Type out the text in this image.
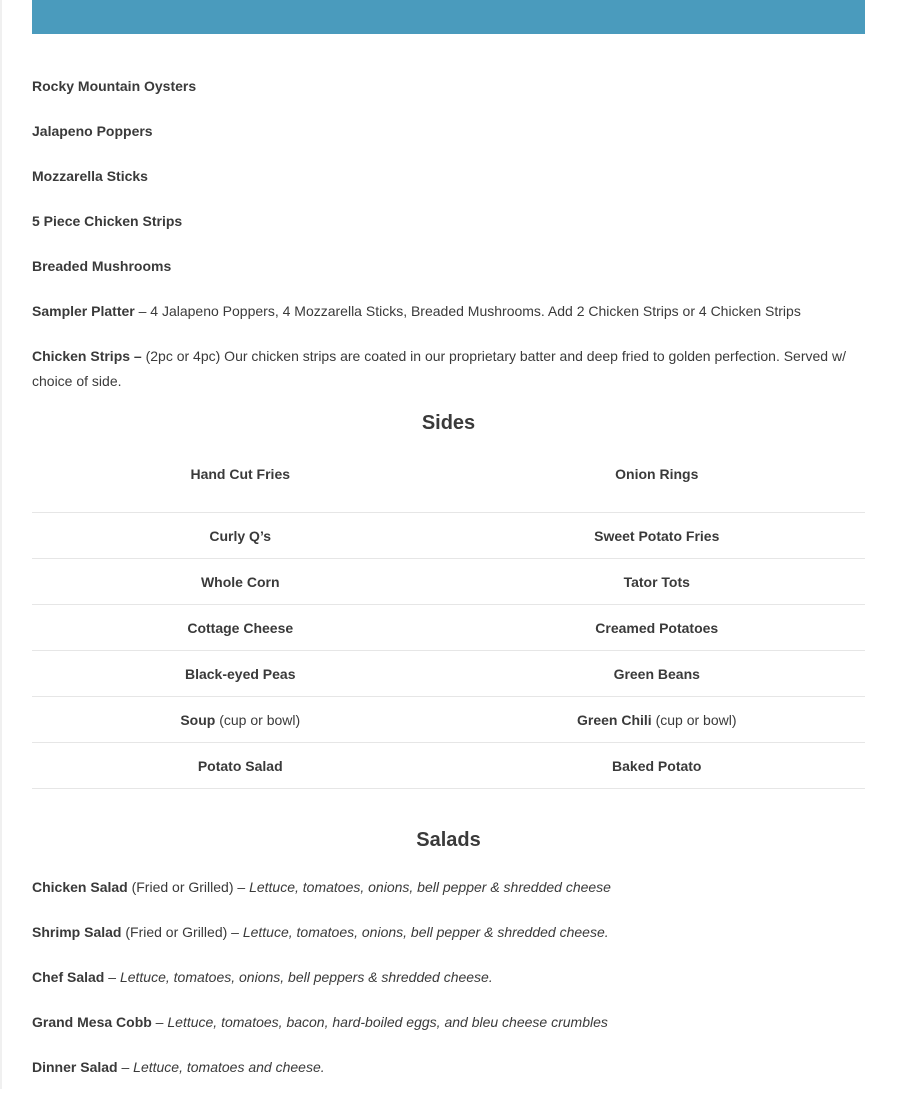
Rocky Mountain Oysters

Jalapeno Poppers

Mozzarella Sticks

5 Piece Chicken Strips

Breaded Mushrooms

Sampler Platter – 4 Jalapeno Poppers, 4 Mozzarella Sticks, Breaded Mushrooms. Add 2 Chicken Strips or 4 Chicken Strips

Chicken Strips – (2pc or 4pc) Our chicken strips are coated in our proprietary batter and deep fried to golden perfection. Served w/ choice of side.

Sides
Hand Cut Fries	Onion Rings
Curly Q’s	Sweet Potato Fries
Whole Corn	Tator Tots
Cottage Cheese	Creamed Potatoes
Black-eyed Peas	Green Beans
Soup (cup or bowl)	Green Chili (cup or bowl)
Potato Salad	Baked Potato
Salads

Chicken Salad (Fried or Grilled) – Lettuce, tomatoes, onions, bell pepper & shredded cheese

Shrimp Salad (Fried or Grilled) – Lettuce, tomatoes, onions, bell pepper & shredded cheese.

Chef Salad – Lettuce, tomatoes, onions, bell peppers & shredded cheese.

Grand Mesa Cobb – Lettuce, tomatoes, bacon, hard-boiled eggs, and bleu cheese crumbles

Dinner Salad – Lettuce, tomatoes and cheese.
